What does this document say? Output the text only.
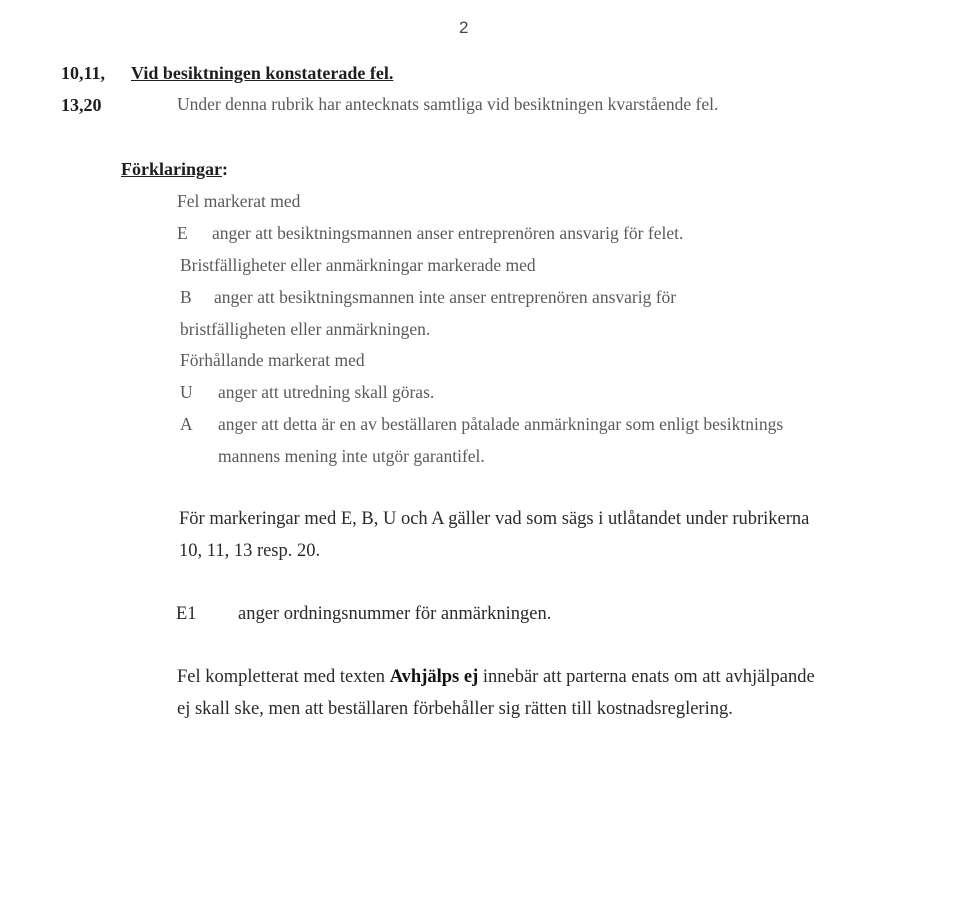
2
10,11, Vid besiktningen konstaterade fel.
13,20	Under denna rubrik har antecknats samtliga vid besiktningen kvarstående fel.
Förklaringar:
Fel markerat med
E anger att besiktningsmannen anser entreprenören ansvarig för felet.
Bristfälligheter eller anmärkningar markerade med
B anger att besiktningsmannen inte anser entreprenören ansvarig för
bristfälligheten eller anmärkningen.
Förhållande markerat med
U anger att utredning skall göras.
A anger att detta är en av beställaren påtalade anmärkningar som enligt besiktnings
mannens mening inte utgör garantifel.
För markeringar med E, B, U och A gäller vad som sägs i utlåtandet under rubrikerna
10, 11, 13 resp. 20.
E1 anger ordningsnummer för anmärkningen.
Fel kompletterat med texten Avhjälps ej innebär att parterna enats om att avhjälpande
ej skall ske, men att beställaren förbehåller sig rätten till kostnadsreglering.
